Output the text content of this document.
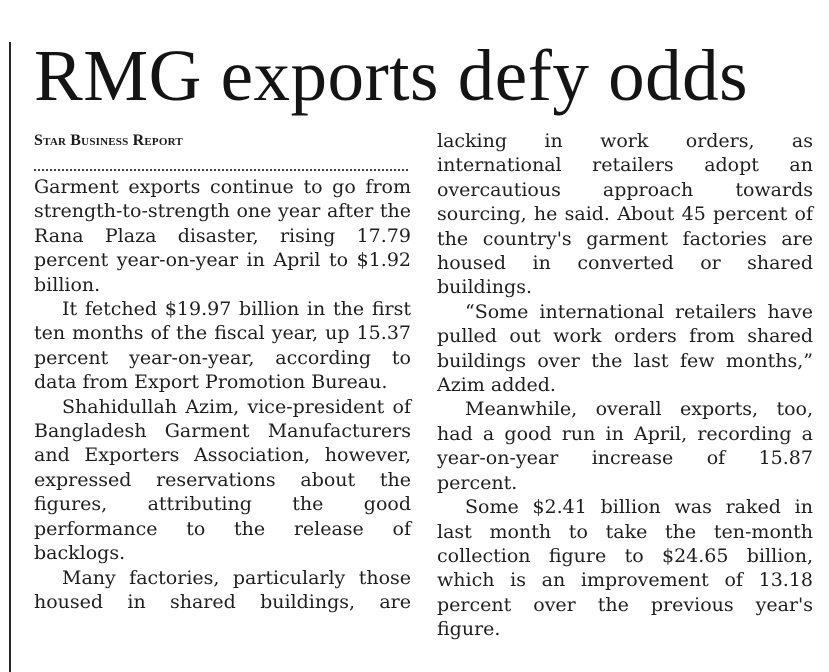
RMG exports defy odds
Star Business Report

Garment exports continue to go from strength-to-strength one year after the Rana Plaza disaster, rising 17.79 percent year-on-year in April to $1.92 billion.

It fetched $19.97 billion in the first ten months of the fiscal year, up 15.37 percent year-on-year, according to data from Export Promotion Bureau.

Shahidullah Azim, vice-president of Bangladesh Garment Manufacturers and Exporters Association, however, expressed reservations about the figures, attributing the good performance to the release of backlogs.

Many factories, particularly those housed in shared buildings, are

lacking in work orders, as international retailers adopt an overcautious approach towards sourcing, he said. About 45 percent of the country's garment factories are housed in converted or shared buildings.

“Some international retailers have pulled out work orders from shared buildings over the last few months,” Azim added.

Meanwhile, overall exports, too, had a good run in April, recording a year-on-year increase of 15.87 percent.

Some $2.41 billion was raked in last month to take the ten-month collection figure to $24.65 billion, which is an improvement of 13.18 percent over the previous year's figure.
